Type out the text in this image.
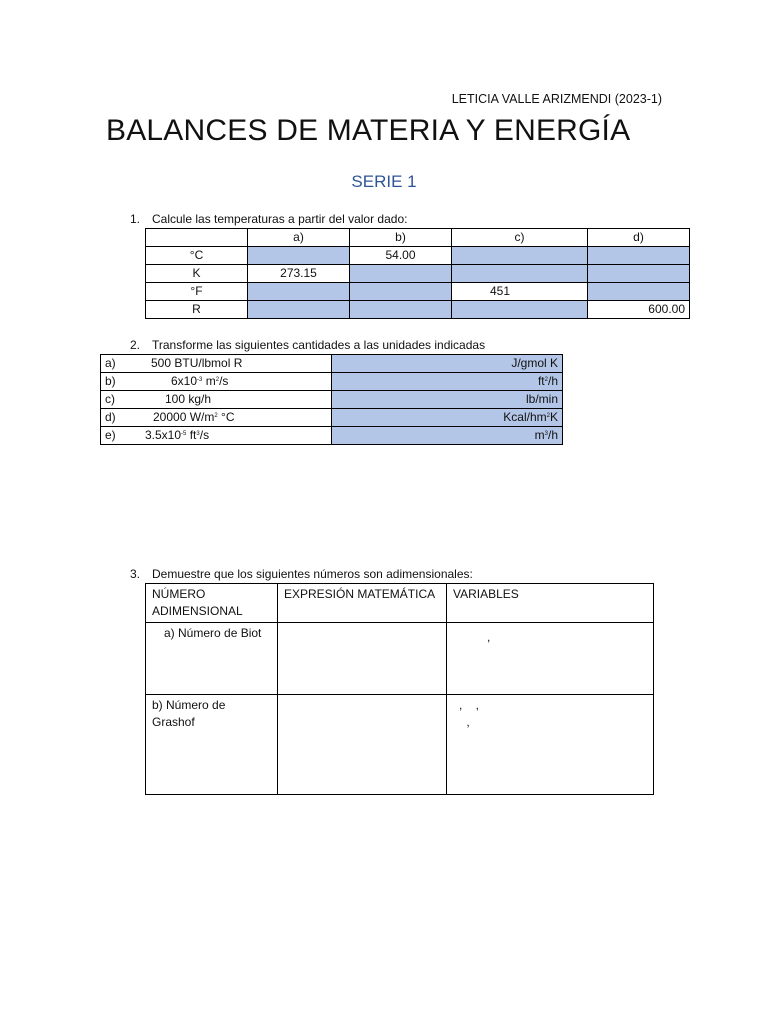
LETICIA VALLE ARIZMENDI (2023-1)
BALANCES DE MATERIA Y ENERGÍA
SERIE 1
1. Calcule las temperaturas a partir del valor dado:
	a)	b)	c)	d)
°C		54.00		
K	273.15			
°F			451	
R				600.00
2. Transforme las siguientes cantidades a las unidades indicadas
a) 500 BTU/lbmol R	J/gmol K
b) $6x10^{-3}$ $m^2/s$	$ft^2/h$
c) 100 kg/h	lb/min
d) 20000 $W/m^2$ °C	Kcal/$hm^2K$
e) $3.5x10^{-5}$ $ft^3/s$	$m^3/h$
3. Demuestre que los siguientes números son adimensionales:
NÚMERO ADIMENSIONAL	EXPRESIÓN MATEMÁTICA	VARIABLES
a) Número de Biot		,

b) Número de Grashof		,    ,
,
